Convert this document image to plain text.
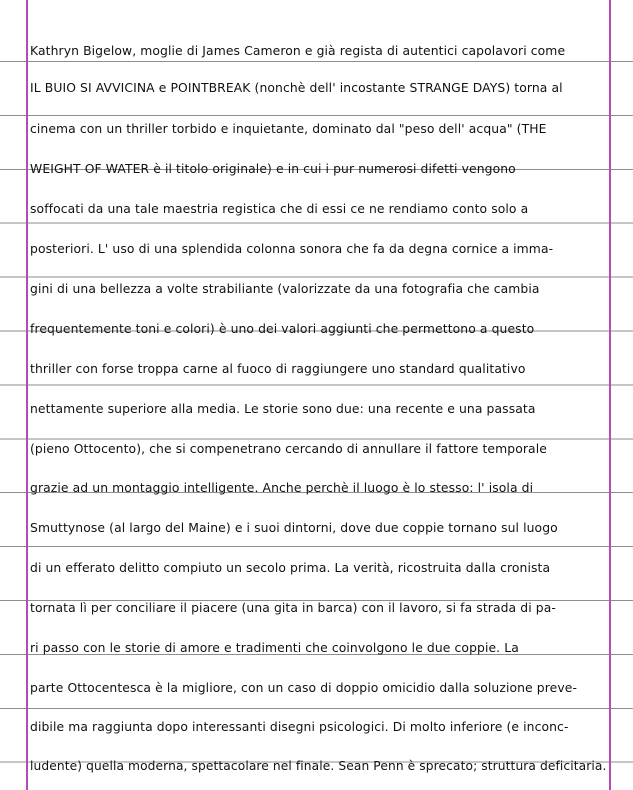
Kathryn Bigelow, moglie di James Cameron e già regista di autentici capolavori come
IL BUIO SI AVVICINA e POINTBREAK (nonchè dell' incostante STRANGE DAYS) torna al
cinema con un thriller torbido e inquietante, dominato dal "peso dell' acqua" (THE
WEIGHT OF WATER è il titolo originale) e in cui i pur numerosi difetti vengono
soffocati da una tale maestria registica che di essi ce ne rendiamo conto solo a
posteriori. L' uso di una splendida colonna sonora che fa da degna cornice a imma-
gini di una bellezza a volte strabiliante (valorizzate da una fotografia che cambia
frequentemente toni e colori) è uno dei valori aggiunti che permettono a questo
thriller con forse troppa carne al fuoco di raggiungere uno standard qualitativo
nettamente superiore alla media. Le storie sono due: una recente e una passata
(pieno Ottocento), che si compenetrano cercando di annullare il fattore temporale
grazie ad un montaggio intelligente. Anche perchè il luogo è lo stesso: l' isola di
Smuttynose (al largo del Maine) e i suoi dintorni, dove due coppie tornano sul luogo
di un efferato delitto compiuto un secolo prima. La verità, ricostruita dalla cronista
tornata lì per conciliare il piacere (una gita in barca) con il lavoro, si fa strada di pa-
ri passo con le storie di amore e tradimenti che coinvolgono le due coppie. La
parte Ottocentesca è la migliore, con un caso di doppio omicidio dalla soluzione preve-
dibile ma raggiunta dopo interessanti disegni psicologici. Di molto inferiore (e inconc-
ludente) quella moderna, spettacolare nel finale. Sean Penn è sprecato; struttura deficitaria.
